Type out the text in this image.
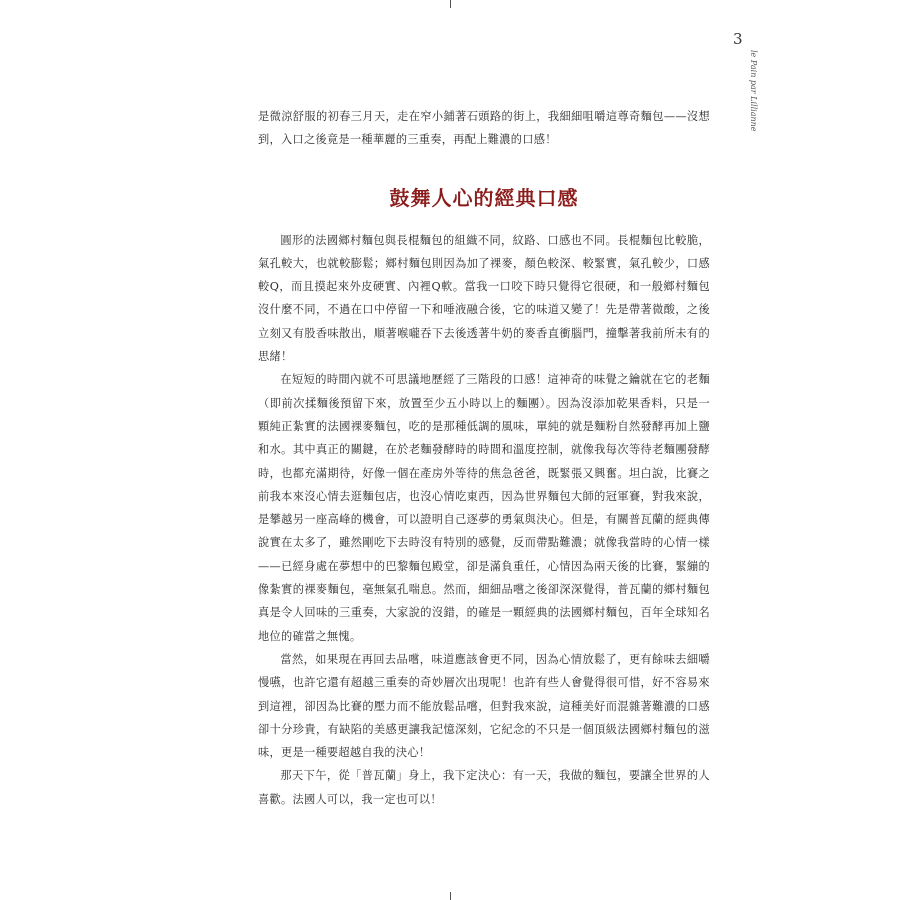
3
le Pain par Lillianne

是微涼舒服的初春三月天，走在窄小鋪著石頭路的街上，我細細咀嚼這尊奇麵包——沒想到，入口之後竟是一種華麗的三重奏，再配上難濃的口感！

鼓舞人心的經典口感

圓形的法國鄉村麵包與長棍麵包的組織不同，紋路、口感也不同。長棍麵包比較脆，氣孔較大，也就較膨鬆；鄉村麵包則因為加了裸麥，顏色較深、較緊實，氣孔較少，口感較Q，而且摸起來外皮硬實、內裡Q軟。當我一口咬下時只覺得它很硬，和一般鄉村麵包沒什麼不同，不過在口中停留一下和唾液融合後，它的味道又變了！先是帶著微酸，之後立刻又有股香味散出，順著喉嚨吞下去後透著牛奶的麥香直衝腦門，撞擊著我前所未有的思緒！

在短短的時間內就不可思議地歷經了三階段的口感！這神奇的味覺之鑰就在它的老麵（即前次揉麵後預留下來，放置至少五小時以上的麵團）。因為沒添加乾果香料，只是一顆純正紮實的法國裸麥麵包，吃的是那種低調的風味，單純的就是麵粉自然發酵再加上鹽和水。其中真正的關鍵，在於老麵發酵時的時間和溫度控制，就像我每次等待老麵團發酵時，也都充滿期待，好像一個在產房外等待的焦急爸爸，既緊張又興奮。坦白說，比賽之前我本來沒心情去逛麵包店，也沒心情吃東西，因為世界麵包大師的冠軍賽，對我來說，是攀越另一座高峰的機會，可以證明自己逐夢的勇氣與決心。但是，有關普瓦蘭的經典傳說實在太多了，雖然剛吃下去時沒有特別的感覺，反而帶點難濃；就像我當時的心情一樣——已經身處在夢想中的巴黎麵包殿堂，卻是滿負重任，心情因為兩天後的比賽，緊繃的像紮實的裸麥麵包，毫無氣孔喘息。然而，細細品嚐之後卻深深覺得，普瓦蘭的鄉村麵包真是令人回味的三重奏，大家說的沒錯，的確是一顆經典的法國鄉村麵包，百年全球知名地位的確當之無愧。

當然，如果現在再回去品嚐，味道應該會更不同，因為心情放鬆了，更有餘味去細嚼慢嚥，也許它還有超越三重奏的奇妙層次出現呢！也許有些人會覺得很可惜，好不容易來到這裡，卻因為比賽的壓力而不能放鬆品嚐，但對我來說，這種美好而混雜著難濃的口感卻十分珍貴，有缺陷的美感更讓我記憶深刻，它紀念的不只是一個頂級法國鄉村麵包的滋味，更是一種要超越自我的決心！

那天下午，從「普瓦蘭」身上，我下定決心：有一天，我做的麵包，要讓全世界的人喜歡。法國人可以，我一定也可以！
